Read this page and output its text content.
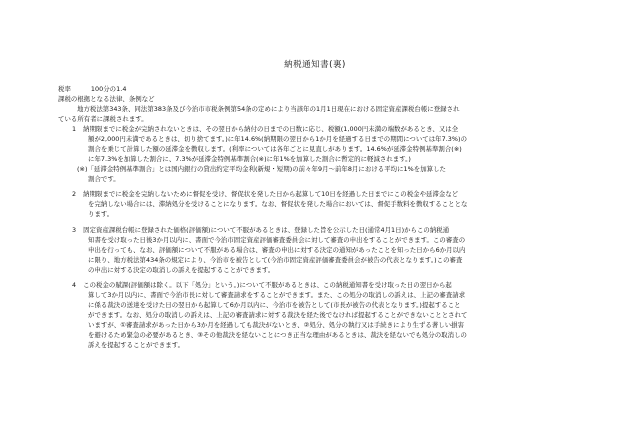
納税通知書(裏)
税率	100分の1.4
課税の根拠となる法律、条例など
地方税法第343条、同法第383条及び今治市市税条例第54条の定めにより当該年の1月1日現在における固定資産課税台帳に登録され
ている所有者に課税されます。
1 納期限までに税金が完納されないときは、その翌日から納付の日までの日数に応じ、税額(1,000円未満の端数があるとき、又は全
額が2,000円未満であるときは、切り捨てます。)に年14.6%(納期限の翌日から1か月を経過する日までの期間については年7.3%)の
割合を乗じて計算した額の延滞金を徴収します。(利率については各年ごとに見直しがあります。14.6%が延滞金特例基準割合(※)
に年7.3%を加算した割合に、7.3%が延滞金特例基準割合(※)に年1%を加算した割合に暫定的に軽減されます。)
(※)「延滞金特例基準割合」とは国内銀行の貸出約定平均金利(新規・短期)の前々年9月〜前年8月における平均に1%を加算した
割合です。
2 納期限までに税金を完納しないために督促を受け、督促状を発した日から起算して10日を経過した日までにこの税金や延滞金など
を完納しない場合には、滞納処分を受けることになります。なお、督促状を発した場合においては、督促手数料を徴収することとな
ります。
3 固定資産課税台帳に登録された価格(評価額)について不服があるときは、登録した旨を公示した日(通常4月1日)からこの納税通
知書を受け取った日後3か月以内に、書面で今治市固定資産評価審査委員会に対して審査の申出をすることができます。この審査の
申出を行っても、なお、評価額について不服がある場合は、審査の申出に対する決定の通知があったことを知った日から6か月以内
に限り、地方税法第434条の規定により、今治市を被告として(今治市固定資産評価審査委員会が被告の代表となります。)この審査
の申出に対する決定の取消しの訴えを提起することができます。
4 この税金の賦課(評価額は除く。以下「処分」という。)について不服があるときは、この納税通知書を受け取った日の翌日から起
算して3か月以内に、書面で今治市長に対して審査請求をすることができます。また、この処分の取消しの訴えは、上記の審査請求
に係る裁決の送達を受けた日の翌日から起算して6か月以内に、今治市を被告として(市長が被告の代表となります。)提起すること
ができます。なお、処分の取消しの訴えは、上記の審査請求に対する裁決を経た後でなければ提起することができないこととされて
いますが、①審査請求があった日から3か月を経過しても裁決がないとき、②処分、処分の執行又は手続きにより生ずる著しい損害
を避けるため緊急の必要があるとき、③その他裁決を経ないことにつき正当な理由があるときは、裁決を経ないでも処分の取消しの
訴えを提起することができます。
